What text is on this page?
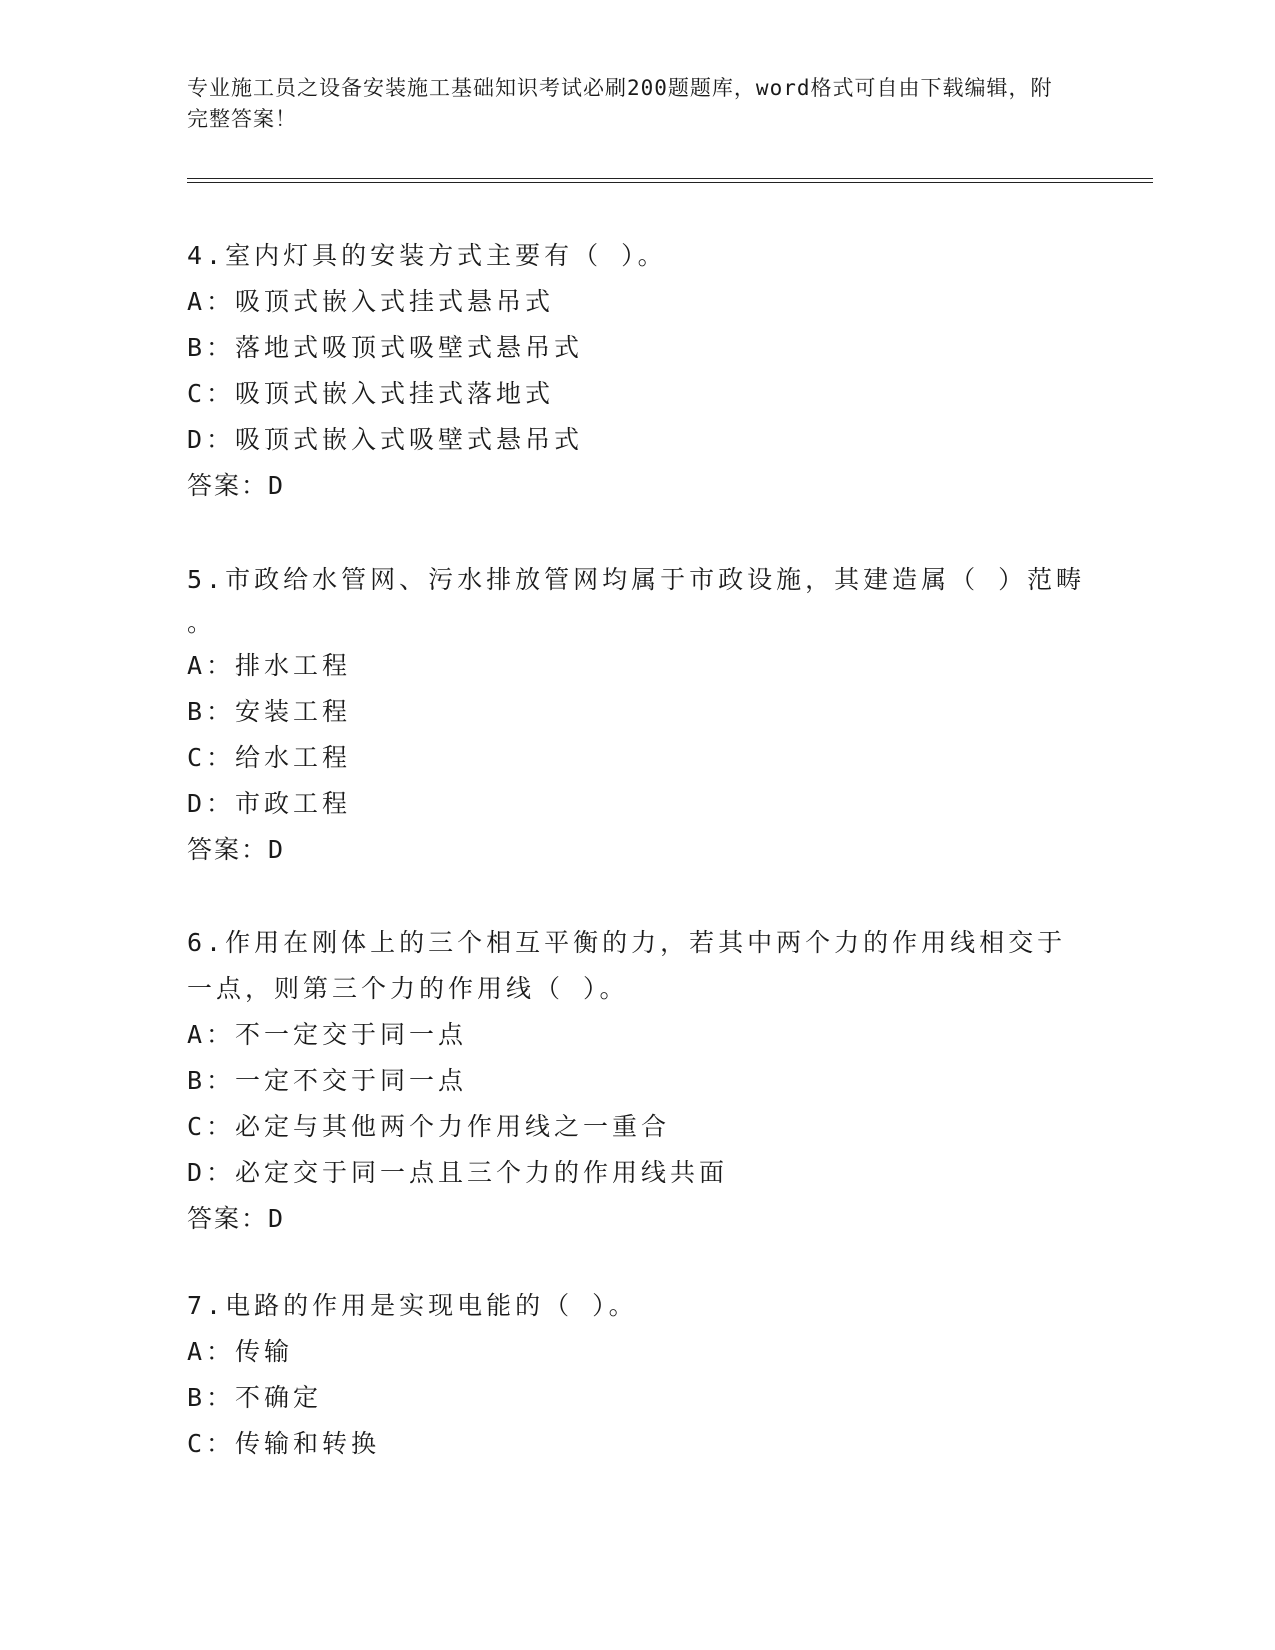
专业施工员之设备安装施工基础知识考试必刷200题题库，word格式可自由下载编辑，附完整答案！
4.室内灯具的安装方式主要有（ ）。
A：吸顶式嵌入式挂式悬吊式
B：落地式吸顶式吸壁式悬吊式
C：吸顶式嵌入式挂式落地式
D：吸顶式嵌入式吸壁式悬吊式
答案：D
5.市政给水管网、污水排放管网均属于市政设施，其建造属（ ）范畴
。
A：排水工程
B：安装工程
C：给水工程
D：市政工程
答案：D
6.作用在刚体上的三个相互平衡的力，若其中两个力的作用线相交于
一点，则第三个力的作用线（ ）。
A：不一定交于同一点
B：一定不交于同一点
C：必定与其他两个力作用线之一重合
D：必定交于同一点且三个力的作用线共面
答案：D
7.电路的作用是实现电能的（ ）。
A：传输
B：不确定
C：传输和转换
